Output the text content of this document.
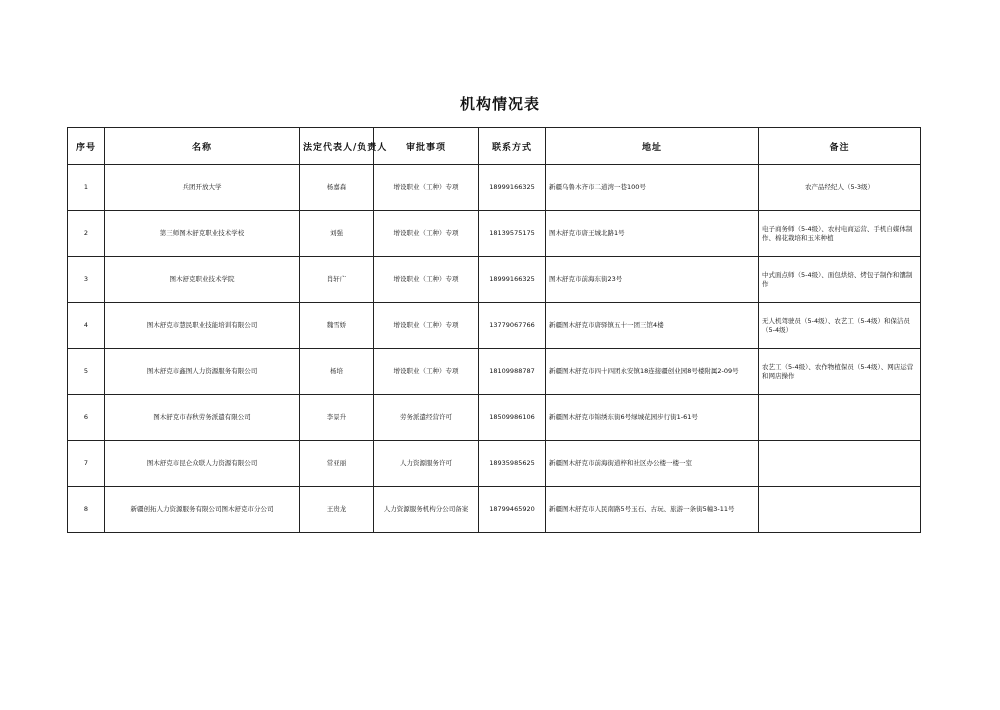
机构情况表
序号	名称	法定代表人/负责人	审批事项	联系方式	地址	备注
1	兵团开放大学	杨嘉森	增设职业（工种）专项	18999166325	新疆乌鲁木齐市二道湾一巷100号	农产品经纪人（5-3级）
2	第三师图木舒克职业技术学校	刘强	增设职业（工种）专项	18139575175	图木舒克市唐王城北路1号	电子商务师（5-4级）、农村电商运营、手机自媒体制作、棉花栽培和玉米种植
3	图木舒克职业技术学院	肖轩广	增设职业（工种）专项	18999166325	图木舒克市前海东街23号	中式面点师（5-4级）、面包烘焙、烤包子制作和馕制作
4	图木舒克市慧民职业技能培训有限公司	魏雪娇	增设职业（工种）专项	13779067766	新疆图木舒克市唐驿镇五十一团三馆4楼	无人机驾驶员（5-4级）、农艺工（5-4级）和保洁员（5-4级）
5	图木舒克市鑫图人力资源服务有限公司	杨培	增设职业（工种）专项	18109988787	新疆图木舒克市四十四团永安镇18连接疆创业园8号楼附属2-09号	农艺工（5-4级）、农作物植保员（5-4级）、网店运营和网店操作
6	图木舒克市春秋劳务派遣有限公司	李景升	劳务派遣经营许可	18509986106	新疆图木舒克市锦绣东街6号绿城花园步行街1-61号	
7	图木舒克市昆仑众联人力资源有限公司	常亚丽	人力资源服务许可	18935985625	新疆图木舒克市前海街道梓和社区办公楼一楼一室	
8	新疆创拓人力资源服务有限公司图木舒克市分公司	王贵龙	人力资源服务机构分公司备案	18799465920	新疆图木舒克市人民南路5号玉石、古玩、旅游一条街5幢3-11号	
